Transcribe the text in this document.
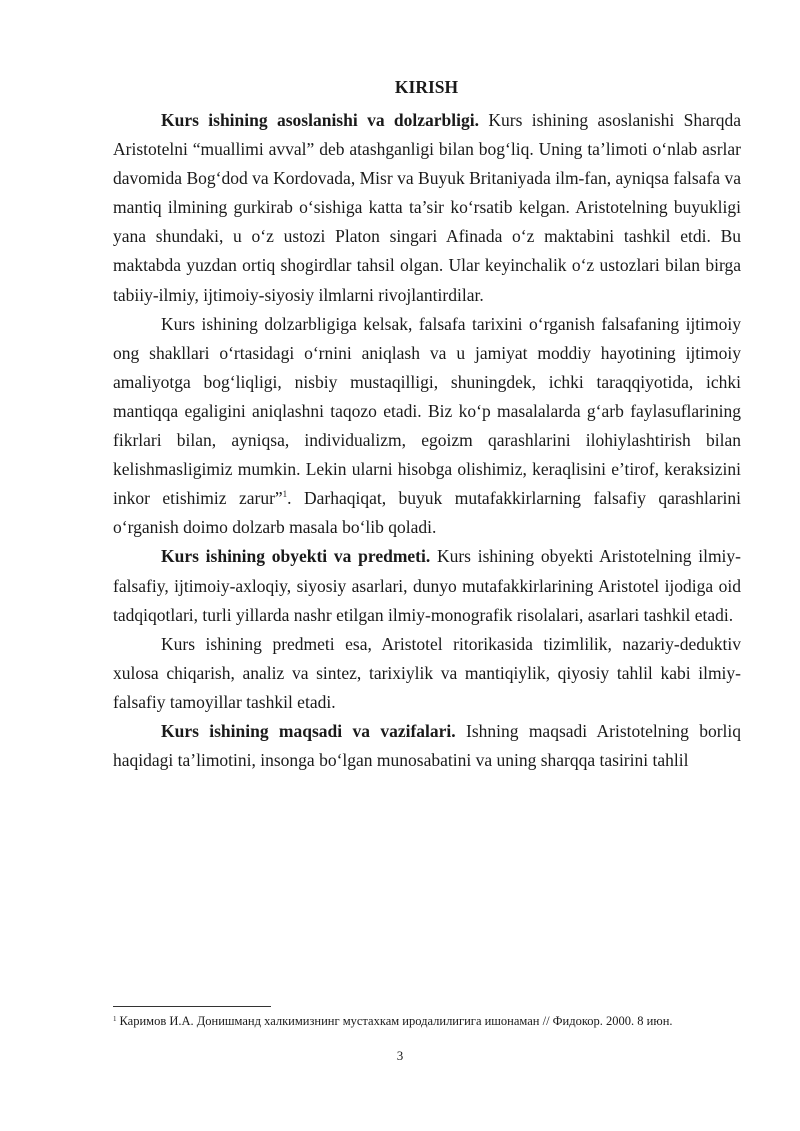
KIRISH

Kurs ishining asoslanishi va dolzarbligi. Kurs ishining asoslanishi Sharqda Aristotelni “muallimi avval” deb atashganligi bilan bog‘liq. Uning ta’limoti o‘nlab asrlar davomida Bog‘dod va Kordovada, Misr va Buyuk Britaniyada ilm-fan, ayniqsa falsafa va mantiq ilmining gurkirab o‘sishiga katta ta’sir ko‘rsatib kelgan. Aristotelning buyukligi yana shundaki, u o‘z ustozi Platon singari Afinada o‘z maktabini tashkil etdi. Bu maktabda yuzdan ortiq shogirdlar tahsil olgan. Ular keyinchalik o‘z ustozlari bilan birga tabiiy-ilmiy, ijtimoiy-siyosiy ilmlarni rivojlantirdilar.

Kurs ishining dolzarbligiga kelsak, falsafa tarixini o‘rganish falsafaning ijtimoiy ong shakllari o‘rtasidagi o‘rnini aniqlash va u jamiyat moddiy hayotining ijtimoiy amaliyotga bog‘liqligi, nisbiy mustaqilligi, shuningdek, ichki taraqqiyotida, ichki mantiqqa egaligini aniqlashni taqozo etadi. Biz ko‘p masalalarda g‘arb faylasuflarining fikrlari bilan, ayniqsa, individualizm, egoizm qarashlarini ilohiylashtirish bilan kelishmasligimiz mumkin. Lekin ularni hisobga olishimiz, keraqlisini e’tirof, keraksizini inkor etishimiz zarur”$^1$. Darhaqiqat, buyuk mutafakkirlarning falsafiy qarashlarini o‘rganish doimo dolzarb masala bo‘lib qoladi.

Kurs ishining obyekti va predmeti. Kurs ishining obyekti Aristotelning ilmiy-falsafiy, ijtimoiy-axloqiy, siyosiy asarlari, dunyo mutafakkirlarining Aristotel ijodiga oid tadqiqotlari, turli yillarda nashr etilgan ilmiy-monografik risolalari, asarlari tashkil etadi.

Kurs ishining predmeti esa, Aristotel ritorikasida tizimlilik, nazariy-deduktiv xulosa chiqarish, analiz va sintez, tarixiylik va mantiqiylik, qiyosiy tahlil kabi ilmiy-falsafiy tamoyillar tashkil etadi.

Kurs ishining maqsadi va vazifalari. Ishning maqsadi Aristotelning borliq haqidagi ta’limotini, insonga bo‘lgan munosabatini va uning sharqqa tasirini tahlil

$^1$ Каримов И.А. Донишманд халкимизнинг мустахкам иродалилигига ишонаман // Фидокор. 2000. 8 июн.

3
